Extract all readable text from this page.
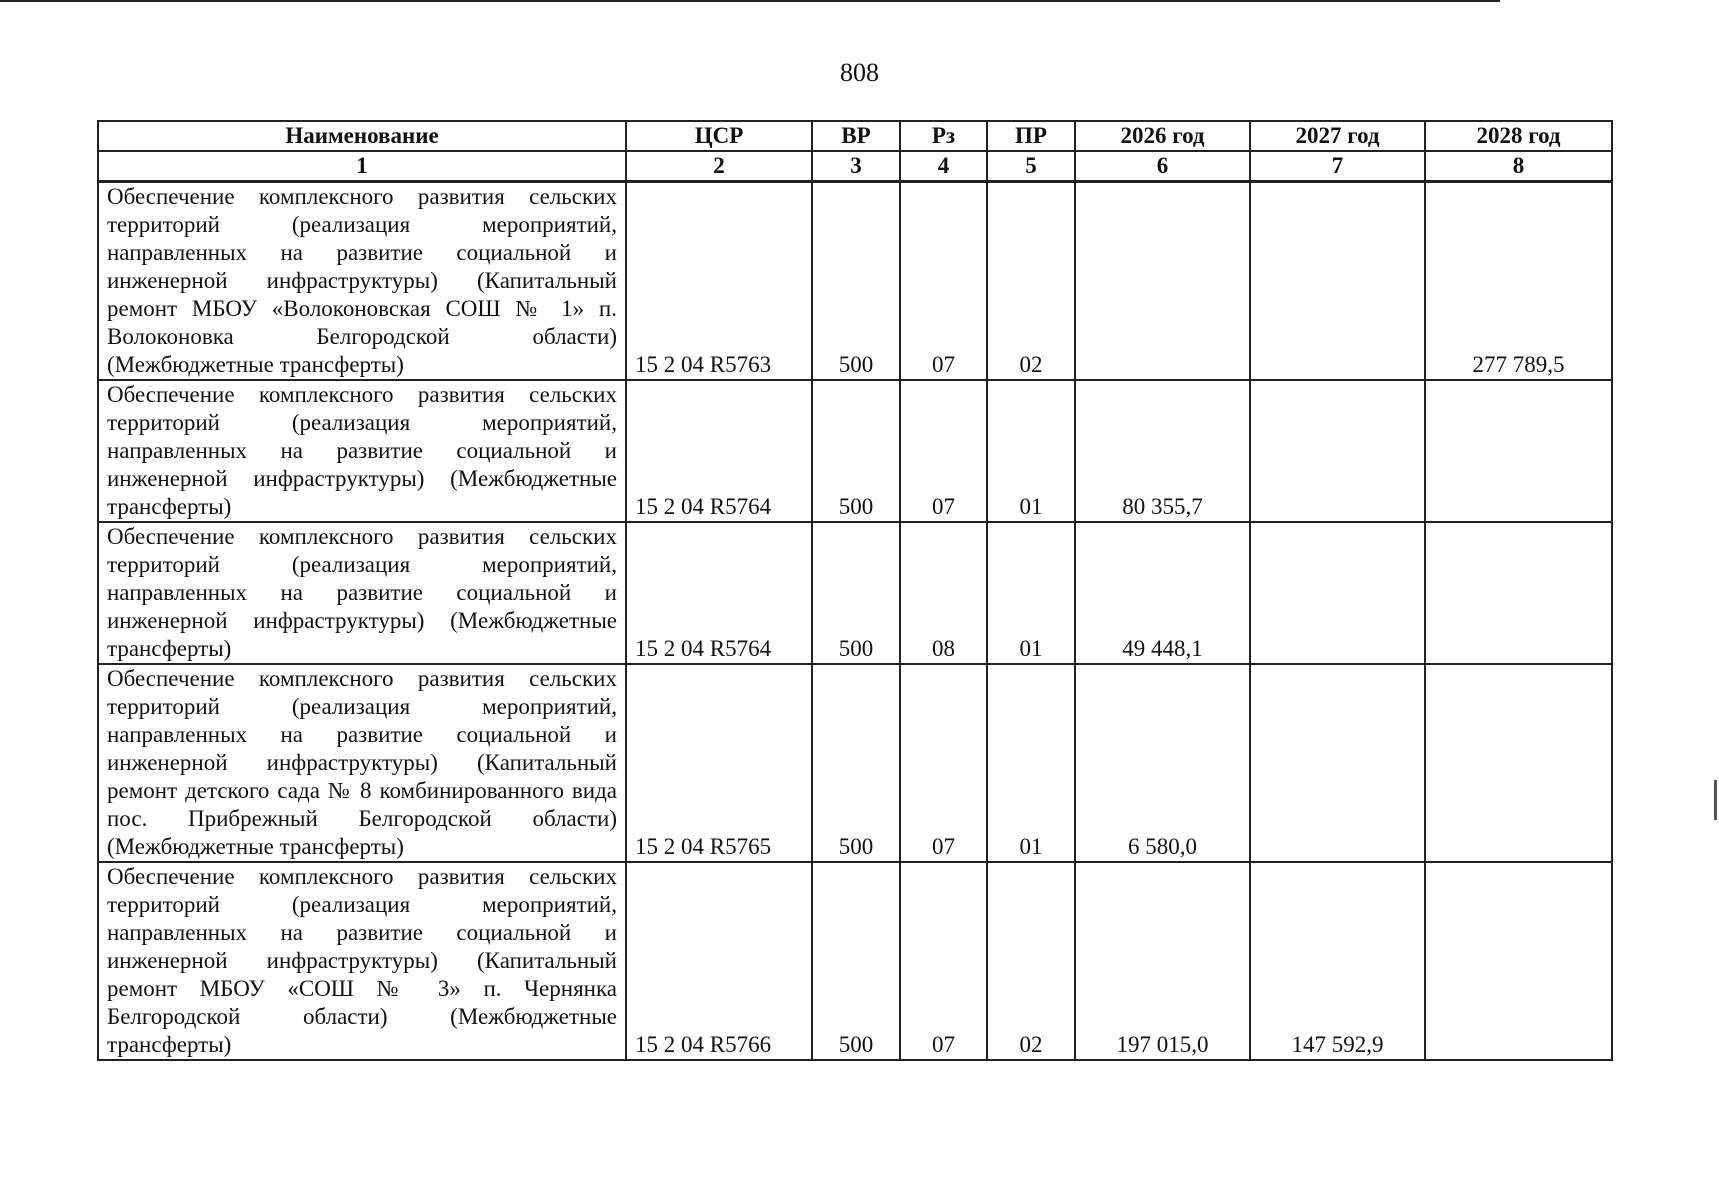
808
Наименование	ЦСР	ВР	Рз	ПР	2026 год	2027 год	2028 год
1	2	3	4	5	6	7	8
Обеспечение комплексного развития сельских территорий (реализация мероприятий, направленных на развитие социальной и инженерной инфраструктуры) (Капитальный ремонт МБОУ «Волоконовская СОШ № 1» п. Волоконовка Белгородской области) (Межбюджетные трансферты)	15 2 04 R5763	500	07	02			277 789,5
Обеспечение комплексного развития сельских территорий (реализация мероприятий, направленных на развитие социальной и инженерной инфраструктуры) (Межбюджетные трансферты)	15 2 04 R5764	500	07	01	80 355,7		
Обеспечение комплексного развития сельских территорий (реализация мероприятий, направленных на развитие социальной и инженерной инфраструктуры) (Межбюджетные трансферты)	15 2 04 R5764	500	08	01	49 448,1		
Обеспечение комплексного развития сельских территорий (реализация мероприятий, направленных на развитие социальной и инженерной инфраструктуры) (Капитальный ремонт детского сада № 8 комбинированного вида пос. Прибрежный Белгородской области) (Межбюджетные трансферты)	15 2 04 R5765	500	07	01	6 580,0		
Обеспечение комплексного развития сельских территорий (реализация мероприятий, направленных на развитие социальной и инженерной инфраструктуры) (Капитальный ремонт МБОУ «СОШ № 3» п. Чернянка Белгородской области) (Межбюджетные трансферты)	15 2 04 R5766	500	07	02	197 015,0	147 592,9	
